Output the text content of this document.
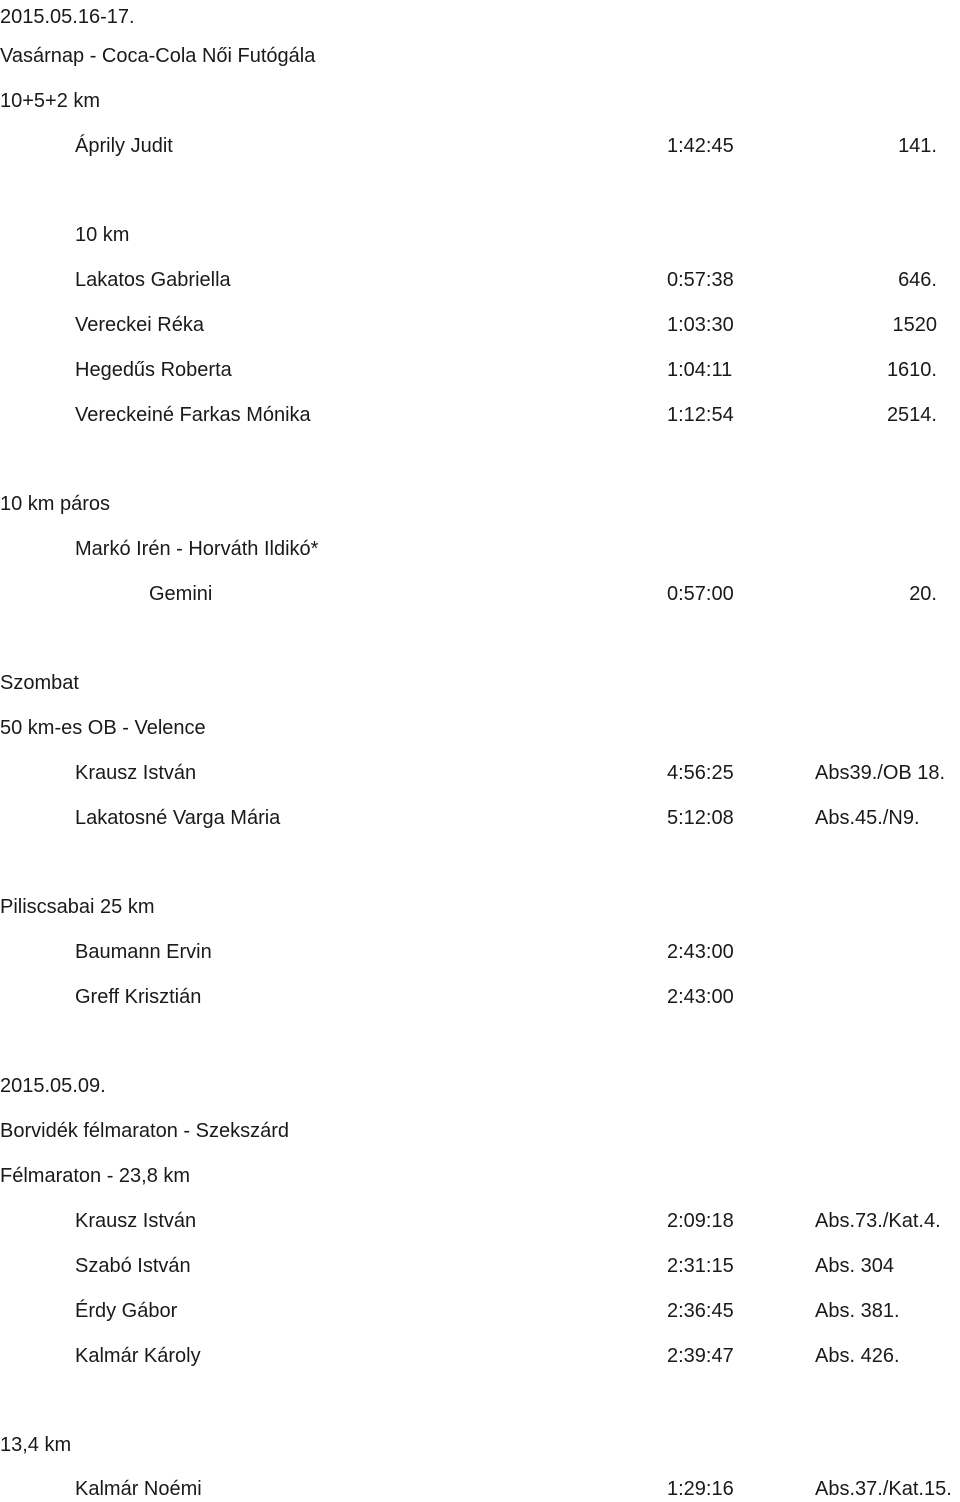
2015.05.16-17.
Vasárnap - Coca-Cola Női Futógála
10+5+2 km
Áprily Judit	1:42:45	141.
10 km
Lakatos Gabriella	0:57:38	646.
Vereckei Réka	1:03:30	1520
Hegedűs Roberta	1:04:11	1610.
Vereckeiné Farkas Mónika	1:12:54	2514.
10 km páros
Markó Irén - Horváth Ildikó*
Gemini	0:57:00	20.
Szombat
50 km-es OB - Velence
Krausz István	4:56:25	Abs39./OB 18.
Lakatosné Varga Mária	5:12:08	Abs.45./N9.
Piliscsabai 25 km
Baumann Ervin	2:43:00
Greff Krisztián	2:43:00
2015.05.09.
Borvidék félmaraton - Szekszárd
Félmaraton - 23,8 km
Krausz István	2:09:18	Abs.73./Kat.4.
Szabó István	2:31:15	Abs. 304
Érdy Gábor	2:36:45	Abs. 381.
Kalmár Károly	2:39:47	Abs. 426.
13,4 km
Kalmár Noémi	1:29:16	Abs.37./Kat.15.
